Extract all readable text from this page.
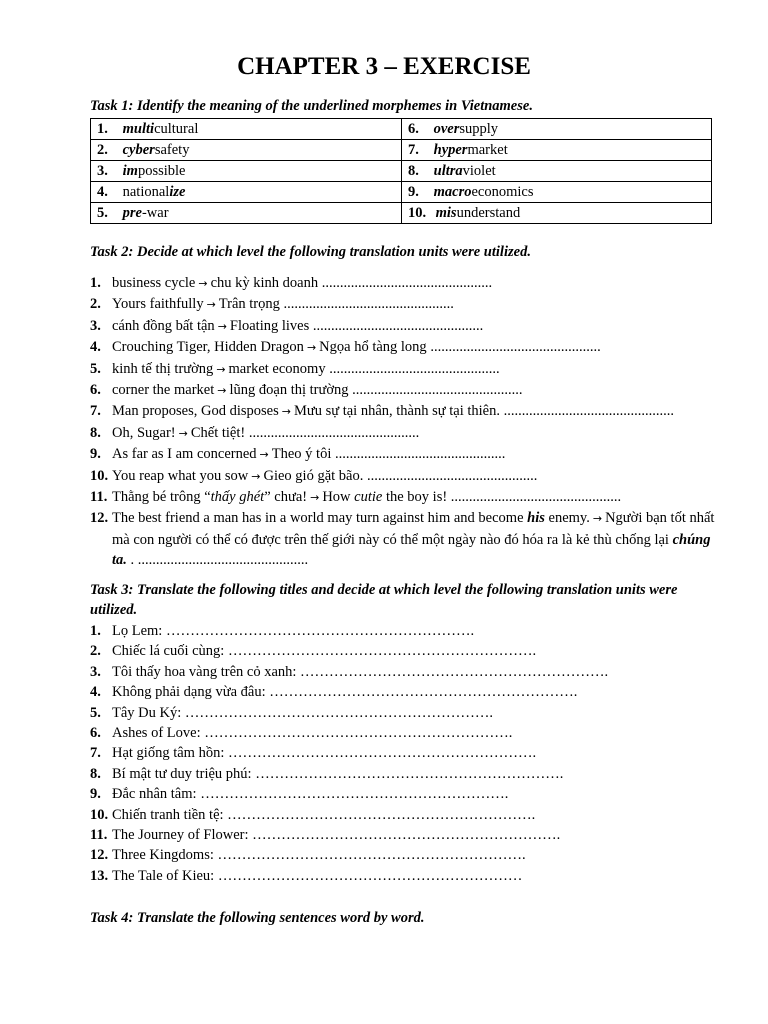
CHAPTER 3 – EXERCISE

Task 1: Identify the meaning of the underlined morphemes in Vietnamese.

1. multicultural	6. oversupply
2. cybersafety	7. hypermarket
3. impossible	8. ultraviolet
4. nationalize	9. macroeconomics
5. pre-war	10. misunderstand

Task 2: Decide at which level the following translation units were utilized.

1. business cycle → chu kỳ kinh doanh ...............................................
2. Yours faithfully → Trân trọng ...............................................
3. cánh đồng bất tận → Floating lives ...............................................
4. Crouching Tiger, Hidden Dragon → Ngọa hổ tàng long ...............................................
5. kinh tế thị trường → market economy ...............................................
6. corner the market → lũng đoạn thị trường ...............................................
7. Man proposes, God disposes → Mưu sự tại nhân, thành sự tại thiên. ...............................................
8. Oh, Sugar! → Chết tiệt! ...............................................
9. As far as I am concerned → Theo ý tôi ...............................................
10. You reap what you sow → Gieo gió gặt bão. ...............................................
11. Thằng bé trông “thấy ghét” chưa! → How cutie the boy is! ...............................................
12. The best friend a man has in a world may turn against him and become his enemy. → Người bạn tốt nhất mà con người có thể có được trên thế giới này có thể một ngày nào đó hóa ra là kẻ thù chống lại chúng ta. . ...............................................

Task 3: Translate the following titles and decide at which level the following translation units were utilized.

1. Lọ Lem: ……………………………………………………….
2. Chiếc lá cuối cùng: ……………………………………………………….
3. Tôi thấy hoa vàng trên cỏ xanh: ……………………………………………………….
4. Không phải dạng vừa đâu: ……………………………………………………….
5. Tây Du Ký: ……………………………………………………….
6. Ashes of Love: ……………………………………………………….
7. Hạt giống tâm hồn: ……………………………………………………….
8. Bí mật tư duy triệu phú: ……………………………………………………….
9. Đắc nhân tâm: ……………………………………………………….
10. Chiến tranh tiền tệ: ……………………………………………………….
11. The Journey of Flower: ……………………………………………………….
12. Three Kingdoms: ……………………………………………………….
13. The Tale of Kieu: ………………………………………………………

Task 4: Translate the following sentences word by word.
